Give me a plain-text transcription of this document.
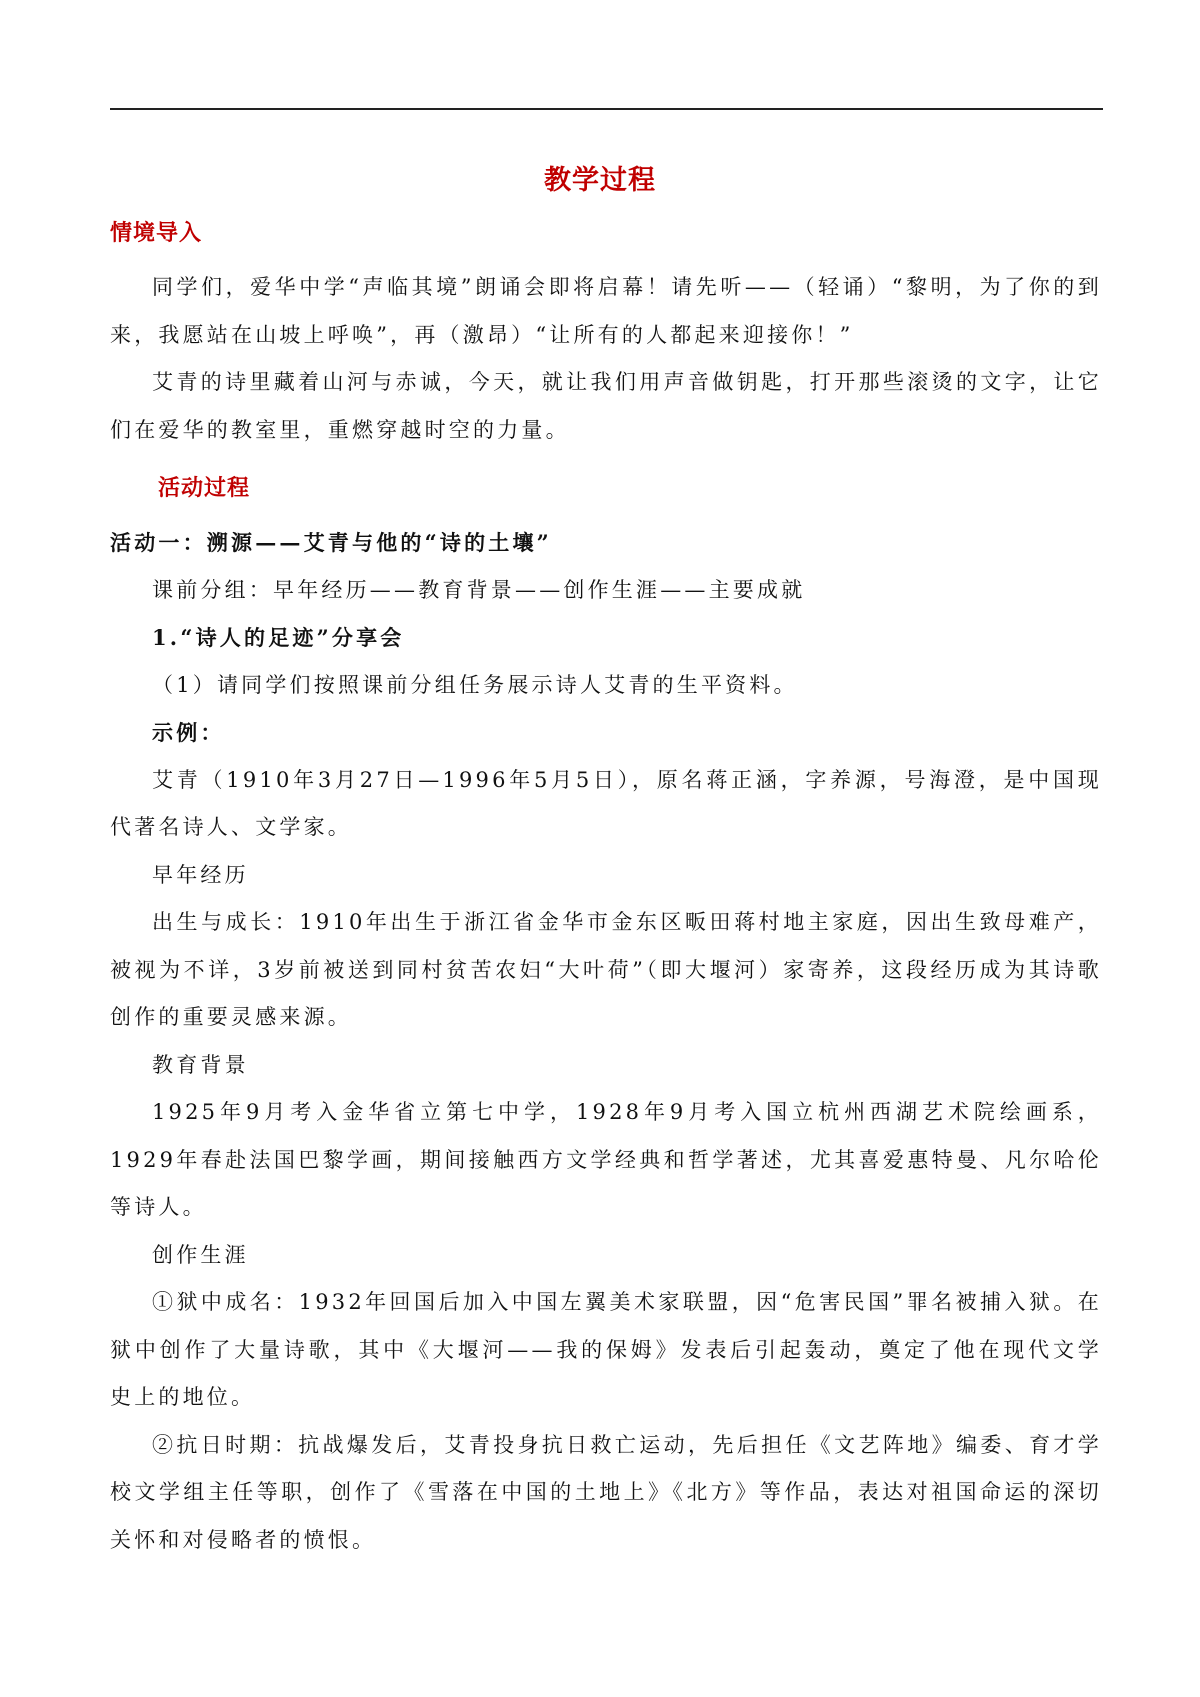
教学过程
情境导入

同学们，爱华中学“声临其境”朗诵会即将启幕！请先听——（轻诵）“黎明，为了你的到来，我愿站在山坡上呼唤”，再（激昂）“让所有的人都起来迎接你！”

艾青的诗里藏着山河与赤诚，今天，就让我们用声音做钥匙，打开那些滚烫的文字，让它们在爱华的教室里，重燃穿越时空的力量。

活动过程

活动一：溯源——艾青与他的“诗的土壤”

课前分组：早年经历——教育背景——创作生涯——主要成就

1.“诗人的足迹”分享会

（1）请同学们按照课前分组任务展示诗人艾青的生平资料。

示例：

艾青（1910年3月27日—1996年5月5日），原名蒋正涵，字养源，号海澄，是中国现代著名诗人、文学家。

早年经历

出生与成长：1910年出生于浙江省金华市金东区畈田蒋村地主家庭，因出生致母难产，被视为不详，3岁前被送到同村贫苦农妇“大叶荷”（即大堰河）家寄养，这段经历成为其诗歌创作的重要灵感来源。

教育背景

1925年9月考入金华省立第七中学，1928年9月考入国立杭州西湖艺术院绘画系，1929年春赴法国巴黎学画，期间接触西方文学经典和哲学著述，尤其喜爱惠特曼、凡尔哈伦等诗人。

创作生涯

①狱中成名：1932年回国后加入中国左翼美术家联盟，因“危害民国”罪名被捕入狱。在狱中创作了大量诗歌，其中《大堰河——我的保姆》发表后引起轰动，奠定了他在现代文学史上的地位。

②抗日时期：抗战爆发后，艾青投身抗日救亡运动，先后担任《文艺阵地》编委、育才学校文学组主任等职，创作了《雪落在中国的土地上》《北方》等作品，表达对祖国命运的深切关怀和对侵略者的愤恨。
